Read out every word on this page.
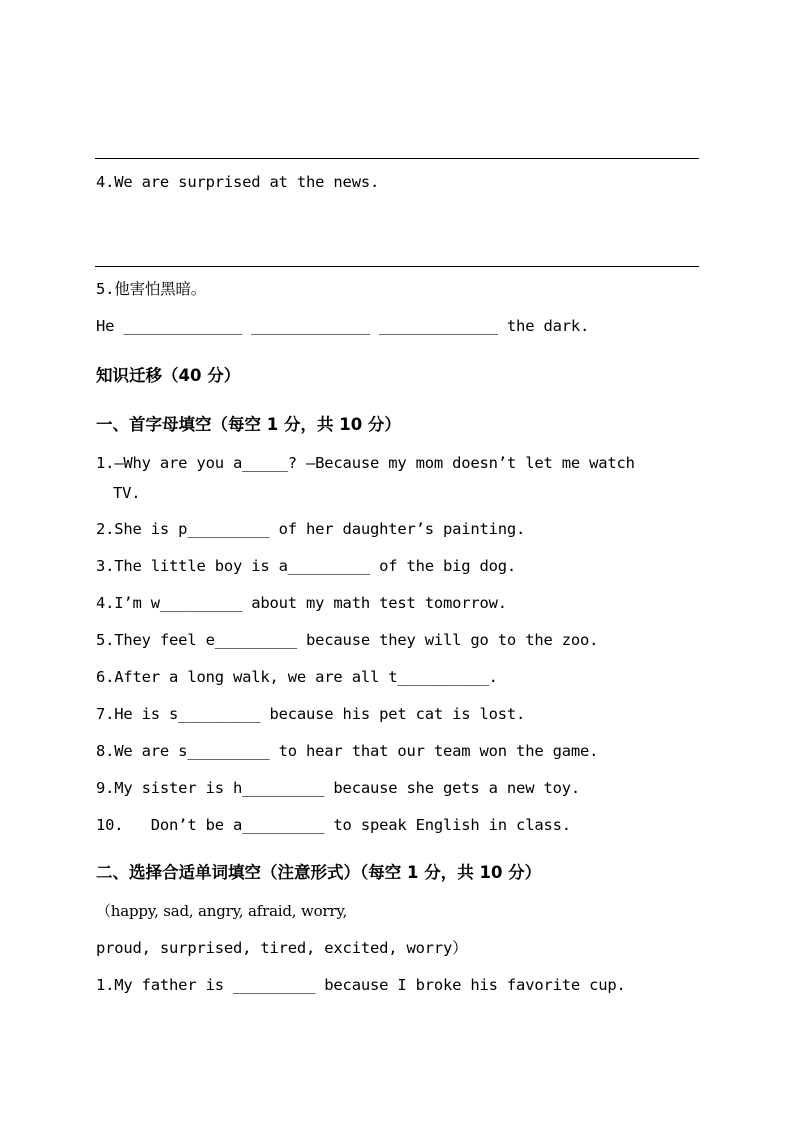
4.We are surprised at the news.
5.他害怕黑暗。
He _____________ _____________ _____________ the dark.
知识迁移（40 分）
一、首字母填空（每空 1 分，共 10 分）
1.—Why are you a_____? —Because my mom doesn’t let me watch
TV.
2.She is p_________ of her daughter’s painting.
3.The little boy is a_________ of the big dog.
4.I’m w_________ about my math test tomorrow.
5.They feel e_________ because they will go to the zoo.
6.After a long walk, we are all t__________.
7.He is s_________ because his pet cat is lost.
8.We are s_________ to hear that our team won the game.
9.My sister is h_________ because she gets a new toy.
10.   Don’t be a_________ to speak English in class.
二、选择合适单词填空（注意形式）（每空 1 分，共 10 分）
（happy, sad, angry, afraid, worry,
proud, surprised, tired, excited, worry）
1.My father is _________ because I broke his favorite cup.
